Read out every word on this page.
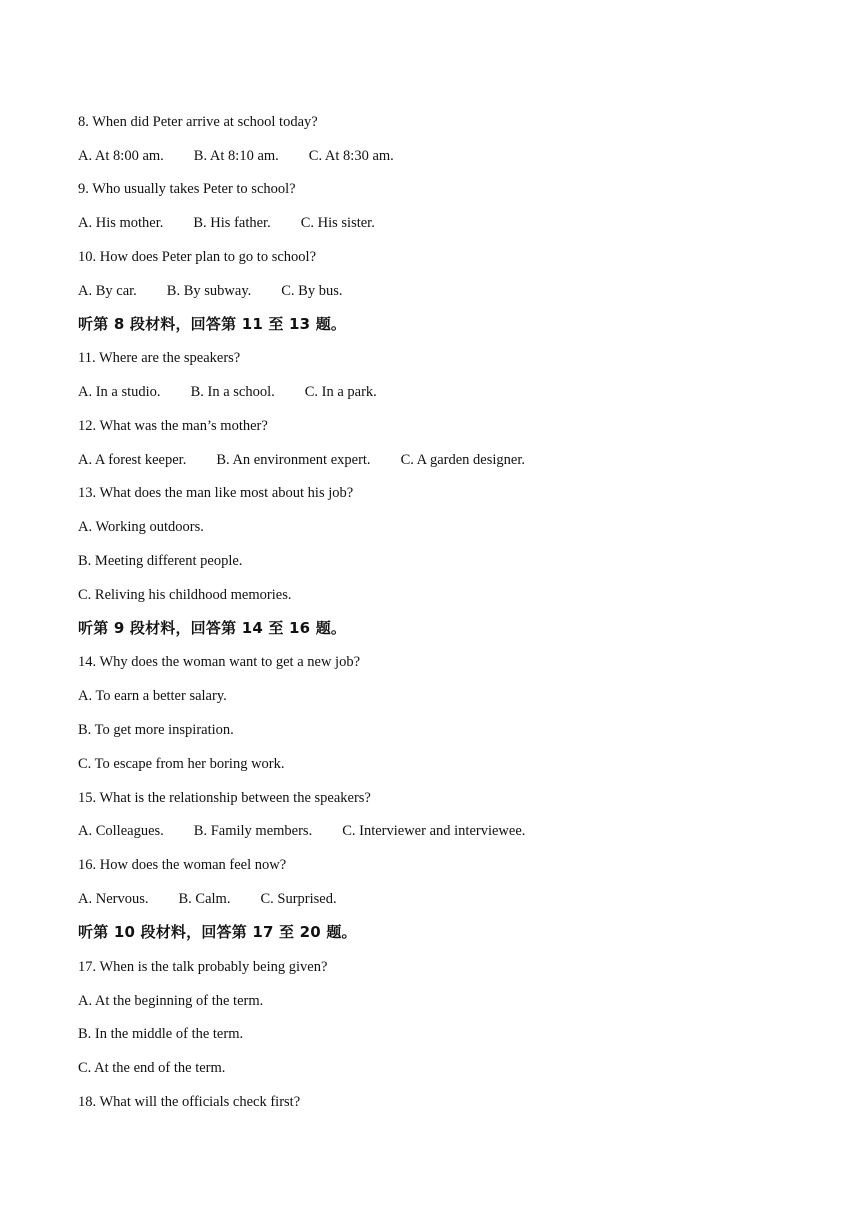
8. When did Peter arrive at school today?
A. At 8:00 am. B. At 8:10 am. C. At 8:30 am.
9. Who usually takes Peter to school?
A. His mother. B. His father. C. His sister.
10. How does Peter plan to go to school?
A. By car. B. By subway. C. By bus.
听第 8 段材料，回答第 11 至 13 题。
11. Where are the speakers?
A. In a studio. B. In a school. C. In a park.
12. What was the man’s mother?
A. A forest keeper. B. An environment expert. C. A garden designer.
13. What does the man like most about his job?
A. Working outdoors.
B. Meeting different people.
C. Reliving his childhood memories.
听第 9 段材料，回答第 14 至 16 题。
14. Why does the woman want to get a new job?
A. To earn a better salary.
B. To get more inspiration.
C. To escape from her boring work.
15. What is the relationship between the speakers?
A. Colleagues. B. Family members. C. Interviewer and interviewee.
16. How does the woman feel now?
A. Nervous. B. Calm. C. Surprised.
听第 10 段材料，回答第 17 至 20 题。
17. When is the talk probably being given?
A. At the beginning of the term.
B. In the middle of the term.
C. At the end of the term.
18. What will the officials check first?
